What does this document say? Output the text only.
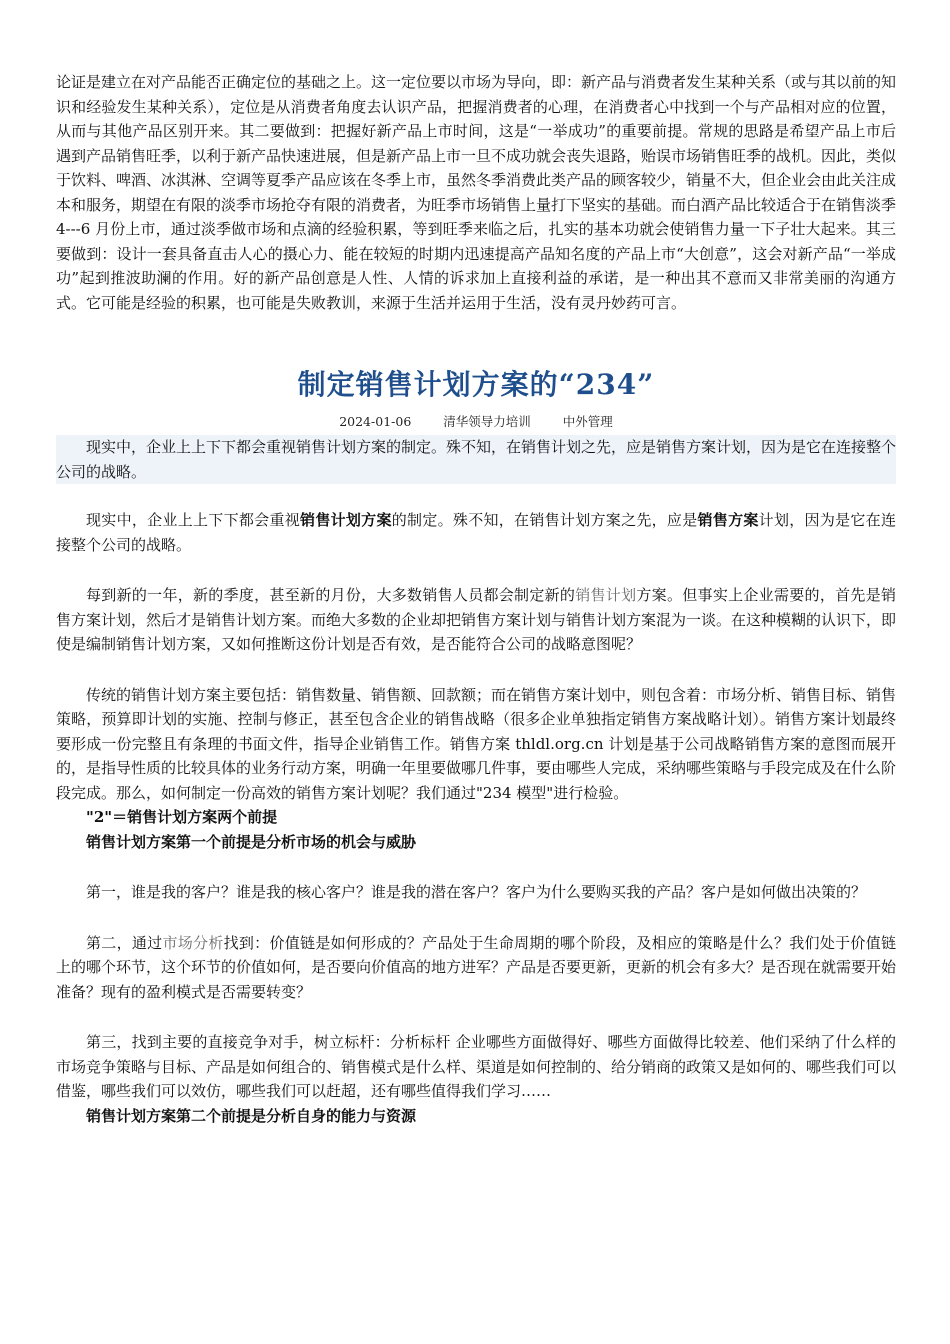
论证是建立在对产品能否正确定位的基础之上。这一定位要以市场为导向，即：新产品与消费者发生某种关系（或与其以前的知识和经验发生某种关系），定位是从消费者角度去认识产品，把握消费者的心理，在消费者心中找到一个与产品相对应的位置，从而与其他产品区别开来。其二要做到：把握好新产品上市时间，这是“一举成功”的重要前提。常规的思路是希望产品上市后遇到产品销售旺季，以利于新产品快速进展，但是新产品上市一旦不成功就会丧失退路，贻误市场销售旺季的战机。因此，类似于饮料、啤酒、冰淇淋、空调等夏季产品应该在冬季上市，虽然冬季消费此类产品的顾客较少，销量不大，但企业会由此关注成本和服务，期望在有限的淡季市场抢夺有限的消费者，为旺季市场销售上量打下坚实的基础。而白酒产品比较适合于在销售淡季 4---6 月份上市，通过淡季做市场和点滴的经验积累，等到旺季来临之后，扎实的基本功就会使销售力量一下子壮大起来。其三要做到：设计一套具备直击人心的摄心力、能在较短的时期内迅速提高产品知名度的产品上市“大创意”，这会对新产品“一举成功”起到推波助澜的作用。好的新产品创意是人性、人情的诉求加上直接利益的承诺，是一种出其不意而又非常美丽的沟通方式。它可能是经验的积累，也可能是失败教训，来源于生活并运用于生活，没有灵丹妙药可言。

制定销售计划方案的“234”
2024-01-06	清华领导力培训	中外管理

现实中，企业上上下下都会重视销售计划方案的制定。殊不知，在销售计划之先，应是销售方案计划，因为是它在连接整个公司的战略。

现实中，企业上上下下都会重视销售计划方案的制定。殊不知，在销售计划方案之先，应是销售方案计划，因为是它在连接整个公司的战略。

每到新的一年，新的季度，甚至新的月份，大多数销售人员都会制定新的销售计划方案。但事实上企业需要的，首先是销售方案计划，然后才是销售计划方案。而绝大多数的企业却把销售方案计划与销售计划方案混为一谈。在这种模糊的认识下，即使是编制销售计划方案，又如何推断这份计划是否有效，是否能符合公司的战略意图呢？

传统的销售计划方案主要包括：销售数量、销售额、回款额；而在销售方案计划中，则包含着：市场分析、销售目标、销售策略，预算即计划的实施、控制与修正，甚至包含企业的销售战略（很多企业单独指定销售方案战略计划）。销售方案计划最终要形成一份完整且有条理的书面文件，指导企业销售工作。销售方案 thldl.org.cn 计划是基于公司战略销售方案的意图而展开的，是指导性质的比较具体的业务行动方案，明确一年里要做哪几件事，要由哪些人完成，采纳哪些策略与手段完成及在什么阶段完成。那么，如何制定一份高效的销售方案计划呢？我们通过"234 模型"进行检验。

"2"＝销售计划方案两个前提

销售计划方案第一个前提是分析市场的机会与威胁

第一，谁是我的客户？谁是我的核心客户？谁是我的潜在客户？客户为什么要购买我的产品？客户是如何做出决策的？

第二，通过市场分析找到：价值链是如何形成的？产品处于生命周期的哪个阶段，及相应的策略是什么？我们处于价值链上的哪个环节，这个环节的价值如何，是否要向价值高的地方进军？产品是否要更新，更新的机会有多大？是否现在就需要开始准备？现有的盈利模式是否需要转变？

第三，找到主要的直接竞争对手，树立标杆：分析标杆 企业哪些方面做得好、哪些方面做得比较差、他们采纳了什么样的市场竞争策略与目标、产品是如何组合的、销售模式是什么样、渠道是如何控制的、给分销商的政策又是如何的、哪些我们可以借鉴，哪些我们可以效仿，哪些我们可以赶超，还有哪些值得我们学习……

销售计划方案第二个前提是分析自身的能力与资源
